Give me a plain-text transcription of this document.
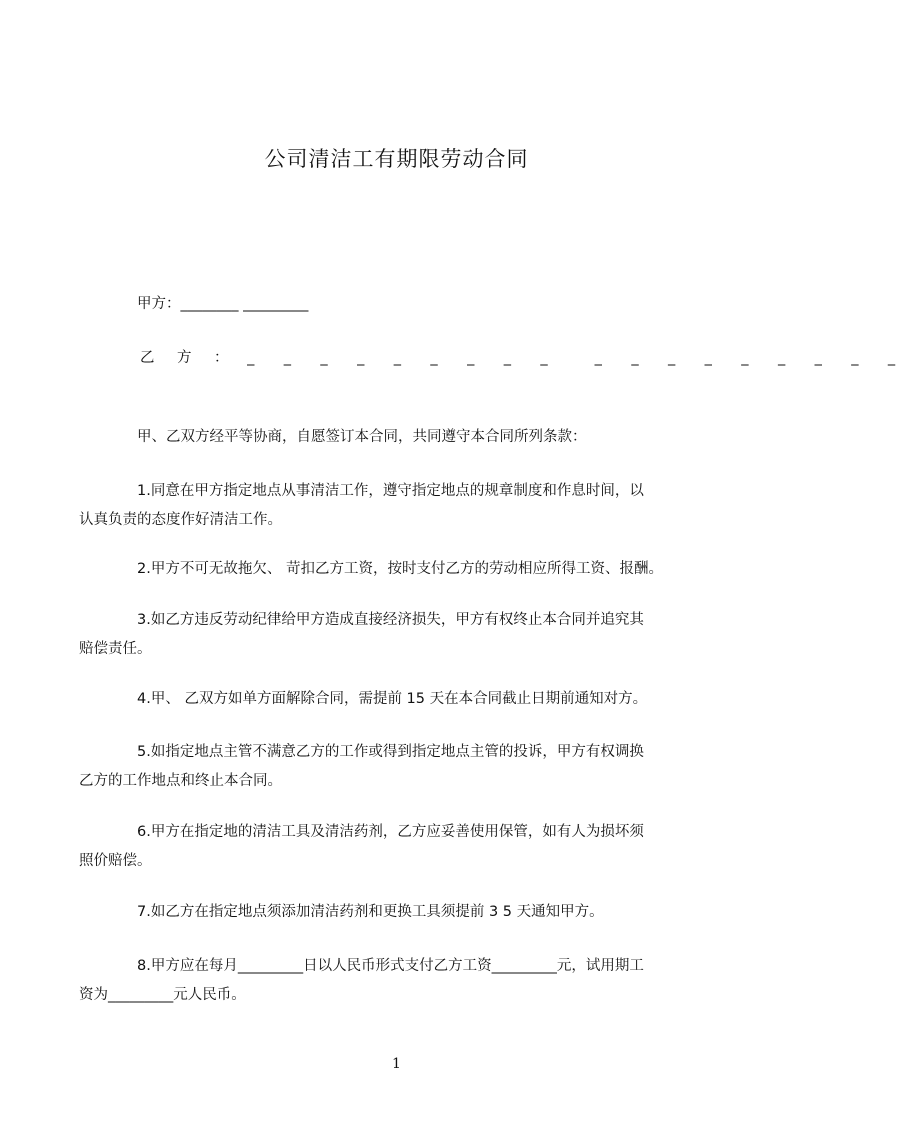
公司清洁工有期限劳动合同
甲方：________ _________
乙　方　： _ _ _ _ _ _ _ _ _ _ _ _ _ _ _ _ _ _
甲、乙双方经平等协商，自愿签订本合同，共同遵守本合同所列条款：
1.同意在甲方指定地点从事清洁工作，遵守指定地点的规章制度和作息时间，以
认真负责的态度作好清洁工作。
2.甲方不可无故拖欠、 苛扣乙方工资，按时支付乙方的劳动相应所得工资、报酬。
3.如乙方违反劳动纪律给甲方造成直接经济损失，甲方有权终止本合同并追究其
赔偿责任。
4.甲、 乙双方如单方面解除合同，需提前 15 天在本合同截止日期前通知对方。
5.如指定地点主管不满意乙方的工作或得到指定地点主管的投诉，甲方有权调换
乙方的工作地点和终止本合同。
6.甲方在指定地的清洁工具及清洁药剂，乙方应妥善使用保管，如有人为损坏须
照价赔偿。
7.如乙方在指定地点须添加清洁药剂和更换工具须提前 3 5 天通知甲方。
8.甲方应在每月_________日以人民币形式支付乙方工资_________元，试用期工
资为_________元人民币。
1
